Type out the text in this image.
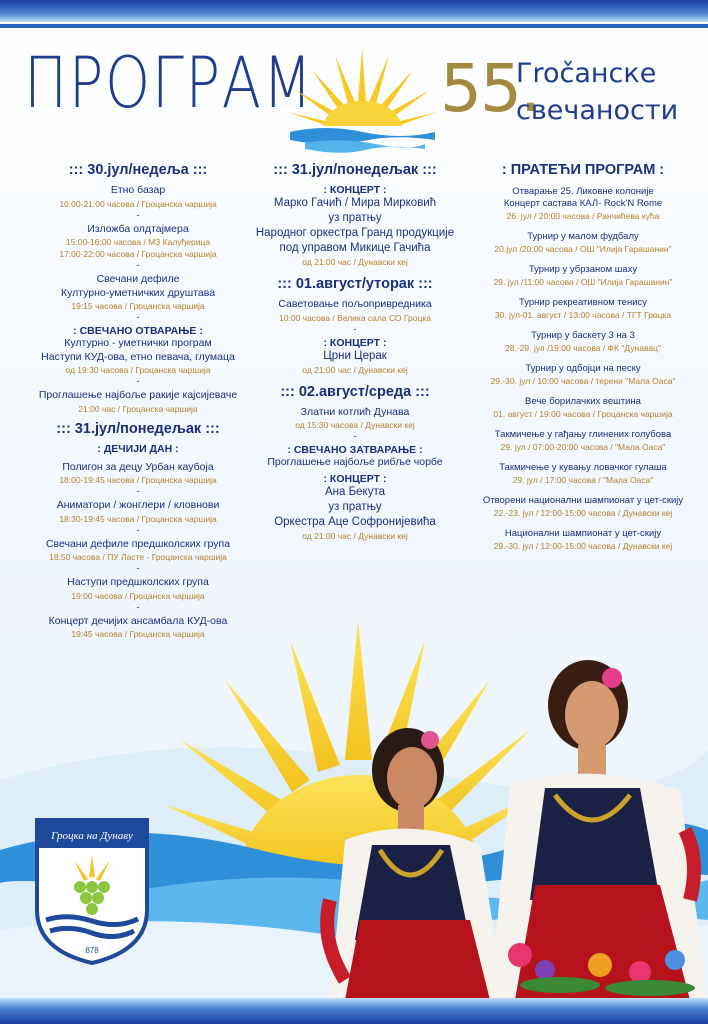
ПРОГРАМ 55.
Гročанске
свечаности
::: 30.јул/недеља :::
Етно базар
10:00-21:00 часова / Гроцанска чаршија
-
Изложба олдтајмера
15:00-16:00 часова / МЗ Калуђерица
17:00-22:00 часова / Гроцанска чаршија
-
Свечани дефиле
Културно-уметничких друштава
19:15 часова / Гроцанска чаршија
-
: СВЕЧАНО ОТВАРАЊЕ :
Културно - уметнички програм
Наступи КУД-ова, етно певача, глумаца
од 19:30 часова / Гроцанска чаршија
-
Проглашење најбоље ракије кајсијеваче
21:00 час / Гроцанска чаршија
::: 31.јул/понедељак :::
: ДЕЧИЈИ ДАН :
Полигон за децу Урбан каубоја
18:00-19:45 часова / Гроцанска чаршија
-
Аниматори / жонглери / кловнови
18:30-19:45 часова / Гроцанска чаршија
-
Свечани дефиле предшколских група
18:50 часова / ПУ Ласте - Гроцанска чаршија
-
Наступи предшколских група
19:00 часова / Гроцанска чаршија
-
Концерт дечијих ансамбала КУД-ова
19:45 часова / Гроцанска чаршија
::: 31.јул/понедељак :::
: КОНЦЕРТ :
Марко Гачић / Мира Мирковић
уз пратњу
Народног оркестра Гранд продукције
под управом Микице Гачића
од 21:00 час / Дунавски кеј
::: 01.август/уторак :::
Саветовање пољопривредника
10:00 часова / Велика сала СО Гроцка
-
: КОНЦЕРТ :
Црни Церак
од 21:00 час / Дунавски кеј
::: 02.август/среда :::
Златни котлић Дунава
од 15:30 часова / Дунавски кеј
-
: СВЕЧАНО ЗАТВАРАЊЕ :
Проглашење најбоље рибље чорбе
: КОНЦЕРТ :
Ана Бекута
уз пратњу
Оркестра Аце Софронијевића
од 21:00 час / Дунавски кеј
: ПРАТЕЋИ ПРОГРАМ :
Отварање 25. Ликовне колоније
Концерт састава КАЛ- Rock'N Rome
26. јул / 20:00 часова / Ранчићева кућа
Турнир у малом фудбалу
20.јул /20:00 часова / ОШ "Илија Гарашанин"
Турнир у убрзаном шаху
29. јул /11:00 часова / ОШ "Илија Гарашанин"
Турнир рекреативном тенису
30. јул-01. август / 13:00 часова / ТГТ Гроцка
Турнир у баскету 3 на 3
28.-29. јул /19:00 часова / ФК "Дунавац"
Турнир у одбојци на песку
29.-30. јул / 10:00 часова / терени "Мала Оаса"
Вече борилачких вештина
01. август / 19:00 часова / Гроцанска чаршија
Такмичење у гађању глинених голубова
29. јул / 07:00-20:00 часова / "Мала Оаса"
Такмичење у кувању ловачког гулаша
29. јул / 17:00 часова / "Мала Оаса"
Отворени национални шампионат у цет-скију
22.-23. јул / 12:00-15:00 часова / Дунавски кеј
Национални шампионат у цет-скију
29.-30. јул / 12:00-15:00 часова / Дунавски кеј
Гроцка на Дунаву
878
